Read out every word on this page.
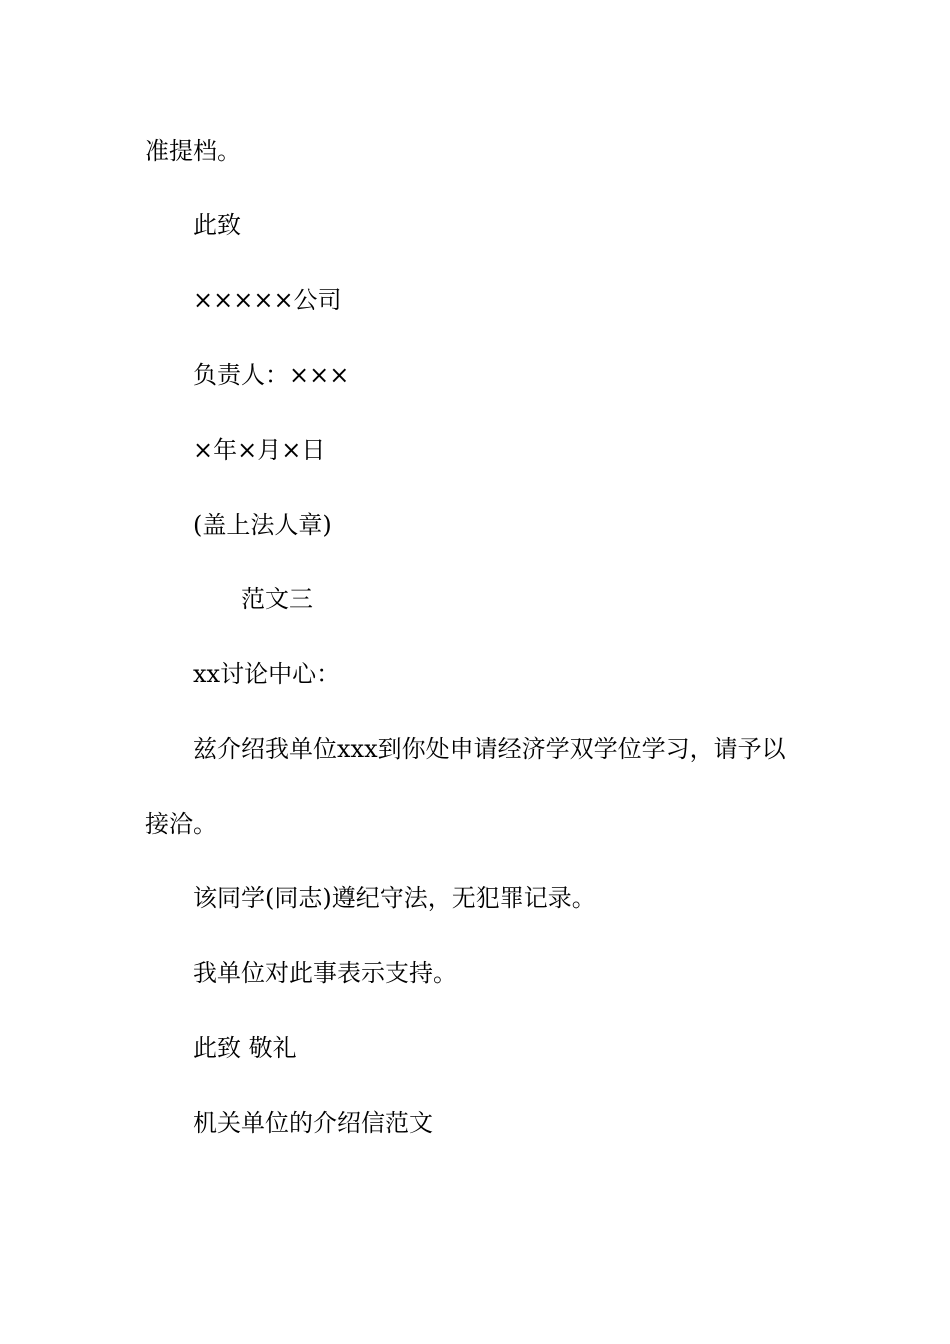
准提档。
此致
×××××公司
负责人：×××
×年×月×日
(盖上法人章)
范文三
xx讨论中心：
兹介绍我单位xxx到你处申请经济学双学位学习，请予以
接洽。
该同学(同志)遵纪守法，无犯罪记录。
我单位对此事表示支持。
此致 敬礼
机关单位的介绍信范文
